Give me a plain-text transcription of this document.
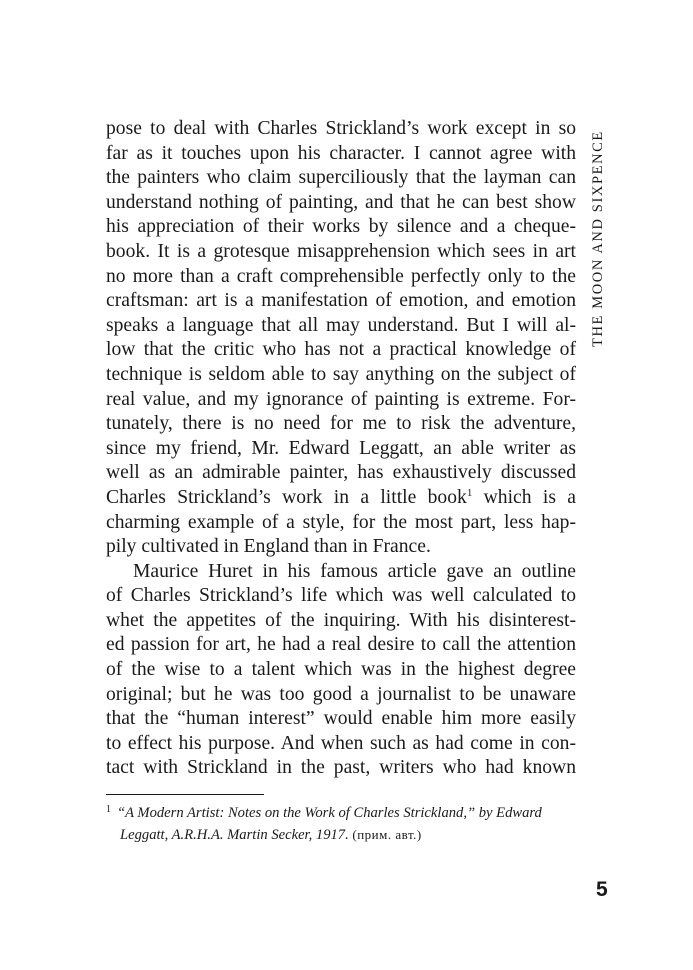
pose to deal with Charles Strickland’s work except in so
far as it touches upon his character. I cannot agree with
the painters who claim superciliously that the layman can
understand nothing of painting, and that he can best show
his appreciation of their works by silence and a cheque-
book. It is a grotesque misapprehension which sees in art
no more than a craft comprehensible perfectly only to the
craftsman: art is a manifestation of emotion, and emotion
speaks a language that all may understand. But I will al-
low that the critic who has not a practical knowledge of
technique is seldom able to say anything on the subject of
real value, and my ignorance of painting is extreme. For-
tunately, there is no need for me to risk the adventure,
since my friend, Mr. Edward Leggatt, an able writer as
well as an admirable painter, has exhaustively discussed
Charles Strickland’s work in a little book$^1$ which is a
charming example of a style, for the most part, less hap-
pily cultivated in England than in France.
Maurice Huret in his famous article gave an outline
of Charles Strickland’s life which was well calculated to
whet the appetites of the inquiring. With his disinterest-
ed passion for art, he had a real desire to call the attention
of the wise to a talent which was in the highest degree
original; but he was too good a journalist to be unaware
that the “human interest” would enable him more easily
to effect his purpose. And when such as had come in con-
tact with Strickland in the past, writers who had known
THE MOON AND SIXPENCE
$^1$ “A Modern Artist: Notes on the Work of Charles Strickland,” by Edward
Leggatt, A.R.H.A. Martin Secker, 1917. (прим. авт.)
5
